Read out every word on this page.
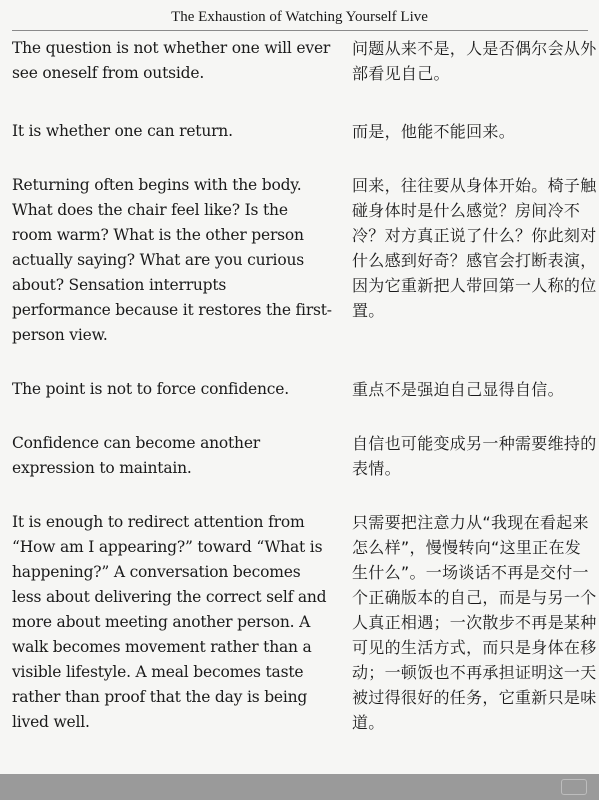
The Exhaustion of Watching Yourself Live
The question is not whether one will ever
see oneself from outside.
问题从来不是，人是否偶尔会从外部看见自己。
It is whether one can return.	而是，他能不能回来。
Returning often begins with the body.
What does the chair feel like? Is the
room warm? What is the other person
actually saying? What are you curious
about? Sensation interrupts
performance because it restores the first-
person view.
回来，往往要从身体开始。椅子触碰身体时是什么感觉？房间冷不冷？对方真正说了什么？你此刻对什么感到好奇？感官会打断表演，因为它重新把人带回第一人称的位置。
The point is not to force confidence.	重点不是强迫自己显得自信。
Confidence can become another
expression to maintain.
自信也可能变成另一种需要维持的表情。
It is enough to redirect attention from
“How am I appearing?” toward “What is
happening?” A conversation becomes
less about delivering the correct self and
more about meeting another person. A
walk becomes movement rather than a
visible lifestyle. A meal becomes taste
rather than proof that the day is being
lived well.
只需要把注意力从“我现在看起来怎么样”，慢慢转向“这里正在发生什么”。一场谈话不再是交付一个正确版本的自己，而是与另一个人真正相遇；一次散步不再是某种可见的生活方式，而只是身体在移动；一顿饭也不再承担证明这一天被过得很好的任务，它重新只是味道。
